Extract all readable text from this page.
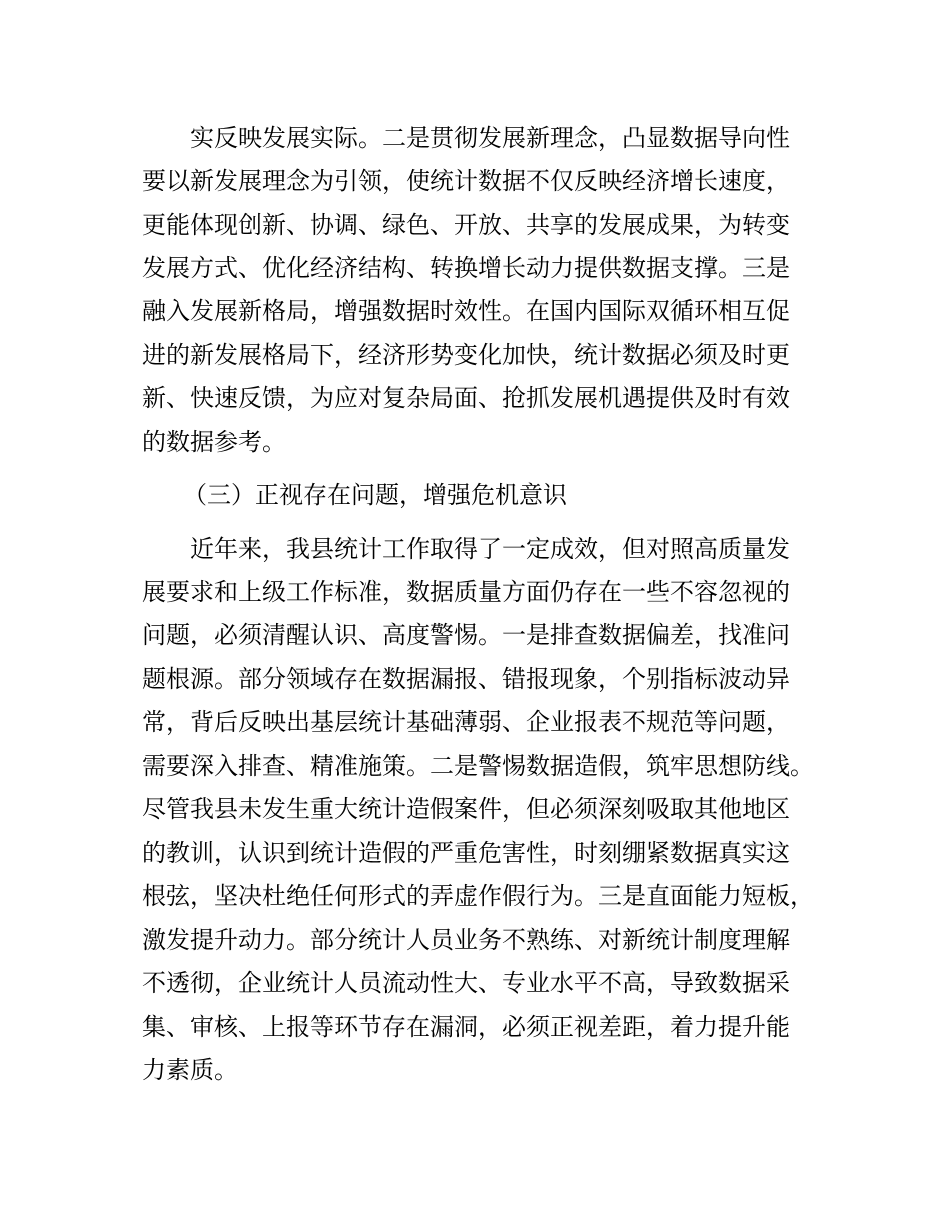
实反映发展实际。二是贯彻发展新理念，凸显数据导向性
要以新发展理念为引领，使统计数据不仅反映经济增长速度，
更能体现创新、协调、绿色、开放、共享的发展成果，为转变
发展方式、优化经济结构、转换增长动力提供数据支撑。三是
融入发展新格局，增强数据时效性。在国内国际双循环相互促
进的新发展格局下，经济形势变化加快，统计数据必须及时更
新、快速反馈，为应对复杂局面、抢抓发展机遇提供及时有效
的数据参考。
（三）正视存在问题，增强危机意识
近年来，我县统计工作取得了一定成效，但对照高质量发
展要求和上级工作标准，数据质量方面仍存在一些不容忽视的
问题，必须清醒认识、高度警惕。一是排查数据偏差，找准问
题根源。部分领域存在数据漏报、错报现象，个别指标波动异
常，背后反映出基层统计基础薄弱、企业报表不规范等问题，
需要深入排查、精准施策。二是警惕数据造假，筑牢思想防线。
尽管我县未发生重大统计造假案件，但必须深刻吸取其他地区
的教训，认识到统计造假的严重危害性，时刻绷紧数据真实这
根弦，坚决杜绝任何形式的弄虚作假行为。三是直面能力短板，
激发提升动力。部分统计人员业务不熟练、对新统计制度理解
不透彻，企业统计人员流动性大、专业水平不高，导致数据采
集、审核、上报等环节存在漏洞，必须正视差距，着力提升能
力素质。
